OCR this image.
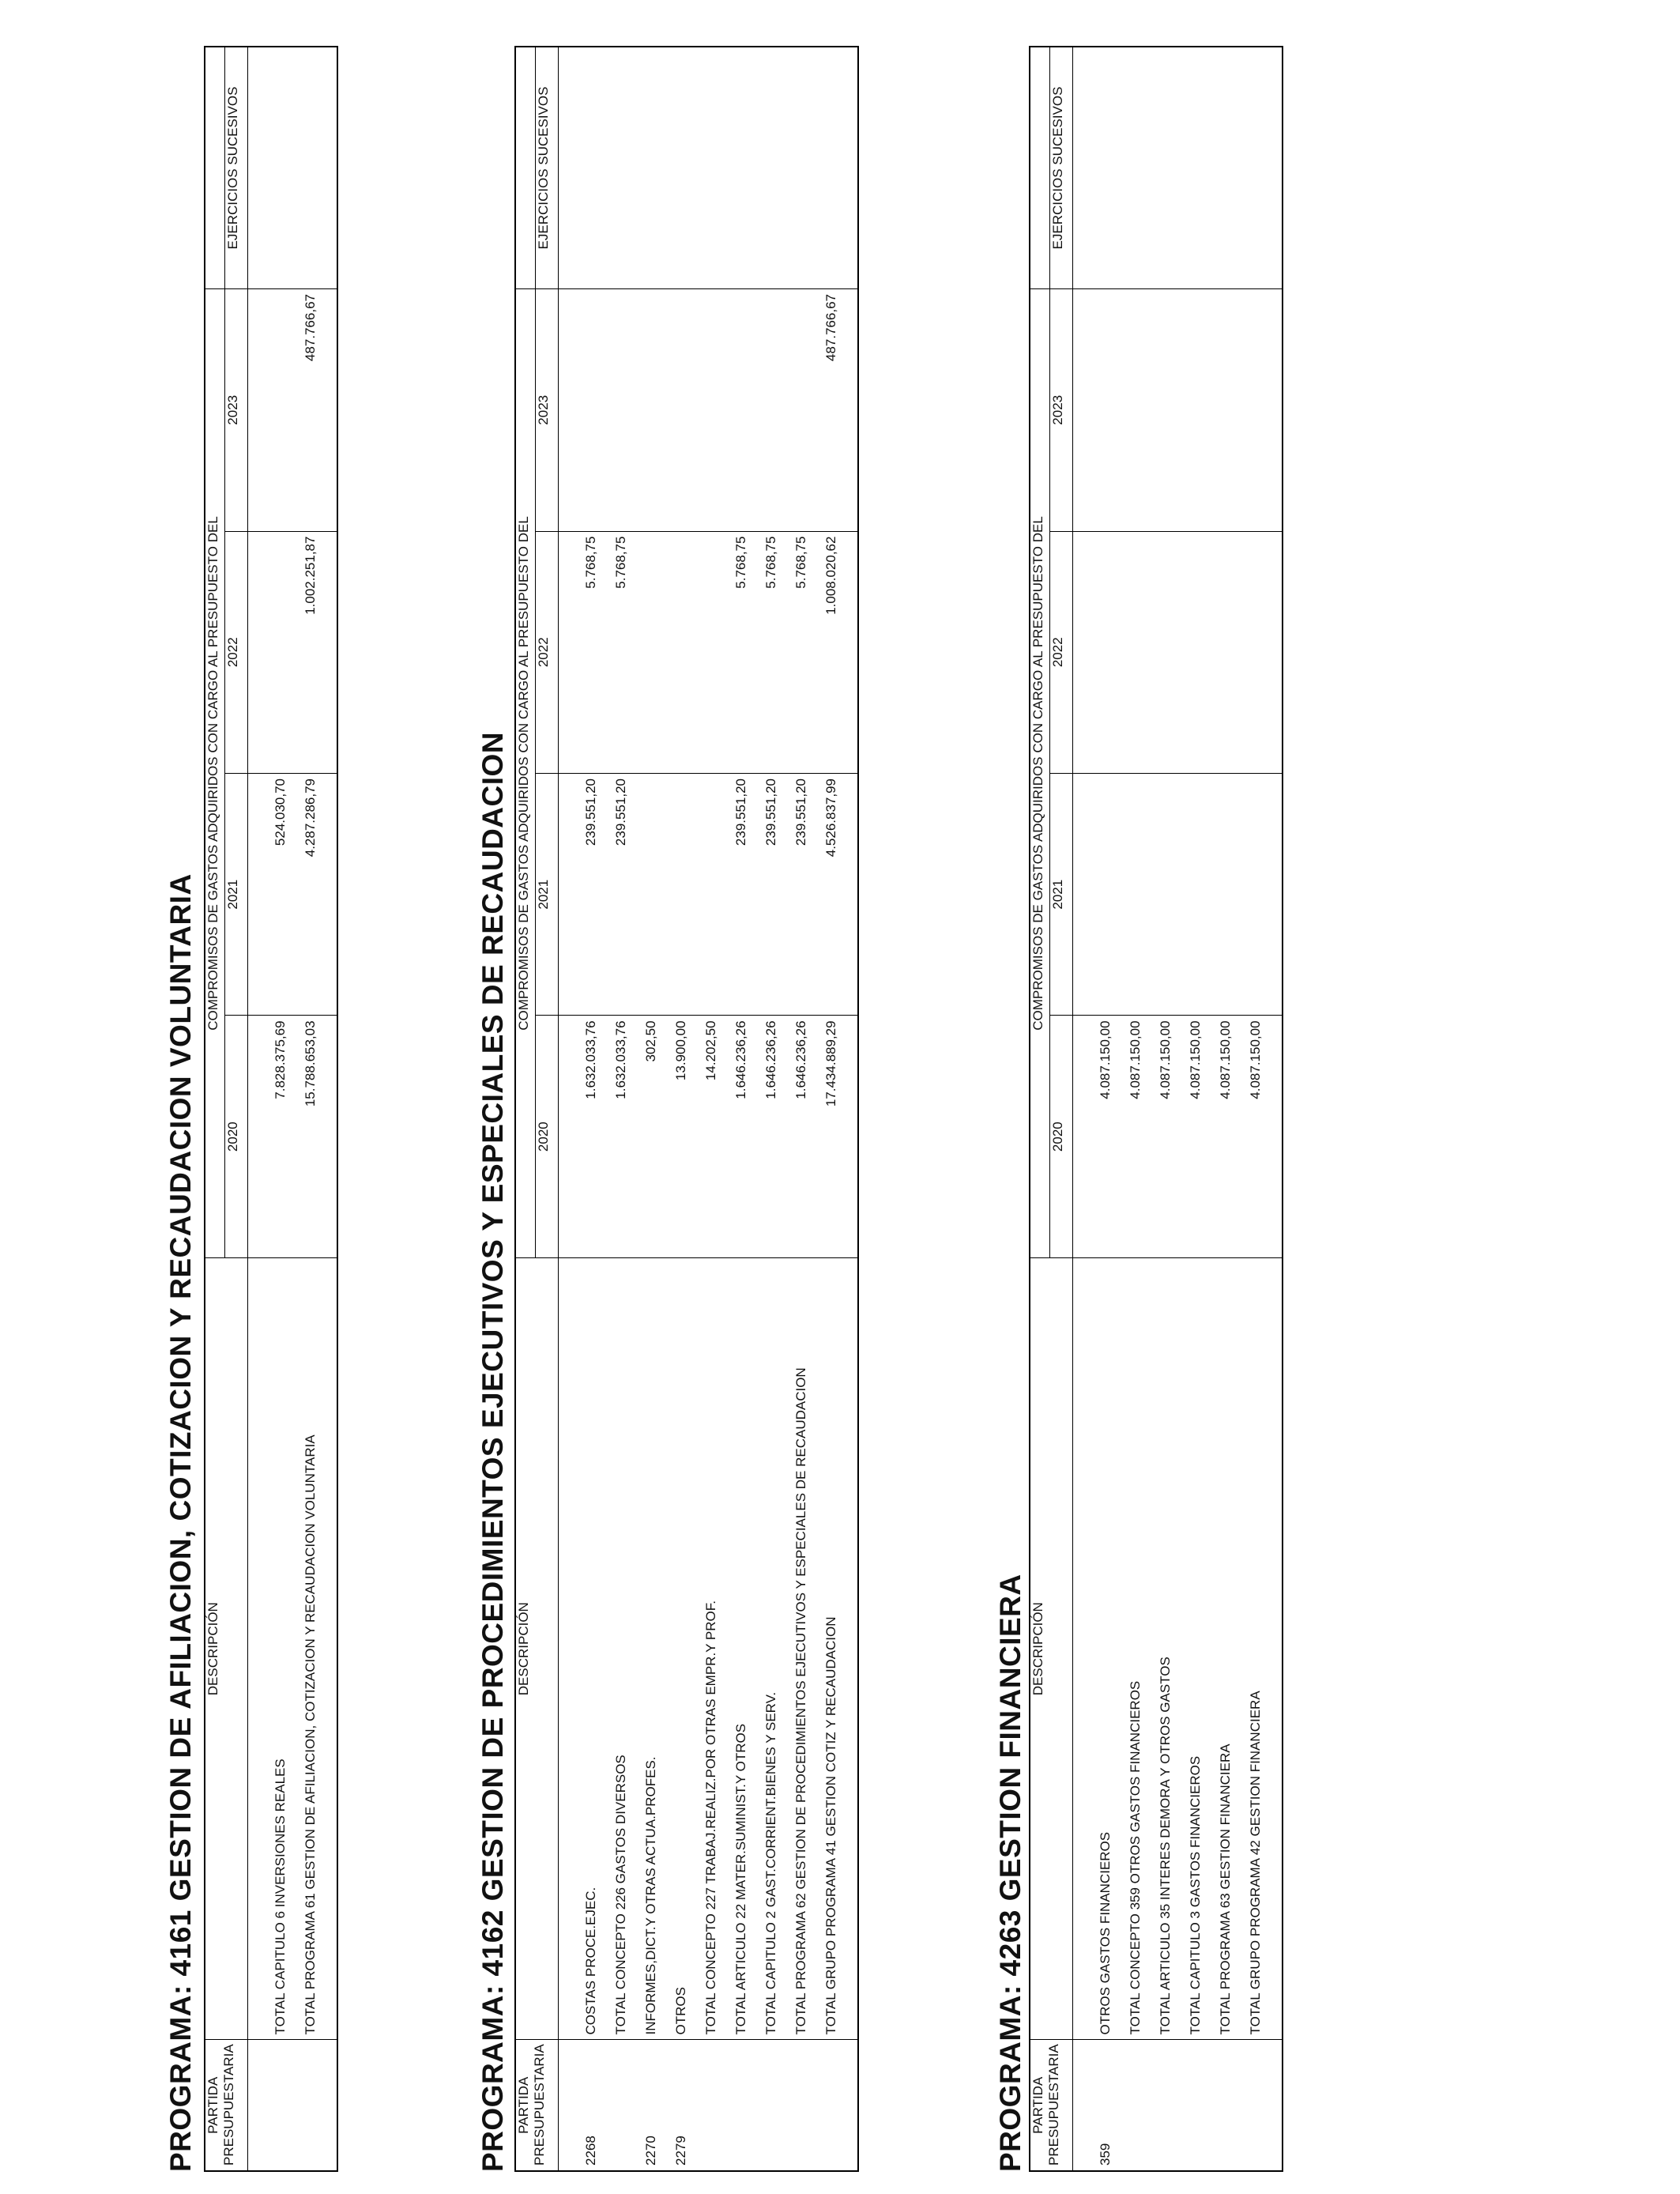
PROGRAMA: 4161 GESTION DE AFILIACION, COTIZACION Y RECAUDACION VOLUNTARIA PARTIDA PRESUPUESTARIA	DESCRIPCIÓN	COMPROMISOS DE GASTOS ADQUIRIDOS CON CARGO AL PRESUPUESTO DEL				
		2020	2021	2022	2023	EJERCICIOS SUCESIVOS

	TOTAL CAPITULO 6 INVERSIONES REALES	7.828.375,69	524.030,70			
	TOTAL PROGRAMA 61 GESTION DE AFILIACION, COTIZACION Y RECAUDACION VOLUNTARIA	15.788.653,03	4.287.286,79	1.002.251,87	487.766,67	

PROGRAMA: 4162 GESTION DE PROCEDIMIENTOS EJECUTIVOS Y ESPECIALES DE RECAUDACION PARTIDA PRESUPUESTARIA	DESCRIPCIÓN	COMPROMISOS DE GASTOS ADQUIRIDOS CON CARGO AL PRESUPUESTO DEL				
		2020	2021	2022	2023	EJERCICIOS SUCESIVOS

2268	COSTAS PROCE.EJEC.	1.632.033,76	239.551,20	5.768,75		
	TOTAL CONCEPTO 226 GASTOS DIVERSOS	1.632.033,76	239.551,20	5.768,75		
2270	INFORMES,DICT.Y OTRAS ACTUA.PROFES.	302,50				
2279	OTROS	13.900,00				
	TOTAL CONCEPTO 227 TRABAJ.REALIZ.POR OTRAS EMPR.Y PROF.	14.202,50				
	TOTAL ARTICULO 22 MATER.SUMINIST.Y OTROS	1.646.236,26	239.551,20	5.768,75		
	TOTAL CAPITULO 2 GAST.CORRIENT.BIENES Y SERV.	1.646.236,26	239.551,20	5.768,75		
	TOTAL PROGRAMA 62 GESTION DE PROCEDIMIENTOS EJECUTIVOS Y ESPECIALES DE RECAUDACION	1.646.236,26	239.551,20	5.768,75		
	TOTAL GRUPO PROGRAMA 41 GESTION COTIZ Y RECAUDACION	17.434.889,29	4.526.837,99	1.008.020,62	487.766,67	

PROGRAMA: 4263 GESTION FINANCIERA PARTIDA PRESUPUESTARIA	DESCRIPCIÓN	COMPROMISOS DE GASTOS ADQUIRIDOS CON CARGO AL PRESUPUESTO DEL				
		2020	2021	2022	2023	EJERCICIOS SUCESIVOS

359	OTROS GASTOS FINANCIEROS	4.087.150,00				
	TOTAL CONCEPTO 359 OTROS GASTOS FINANCIEROS	4.087.150,00				
	TOTAL ARTICULO 35 INTERES DEMORA Y OTROS GASTOS	4.087.150,00				
	TOTAL CAPITULO 3 GASTOS FINANCIEROS	4.087.150,00				
	TOTAL PROGRAMA 63 GESTION FINANCIERA	4.087.150,00				
	TOTAL GRUPO PROGRAMA 42 GESTION FINANCIERA	4.087.150,00				
